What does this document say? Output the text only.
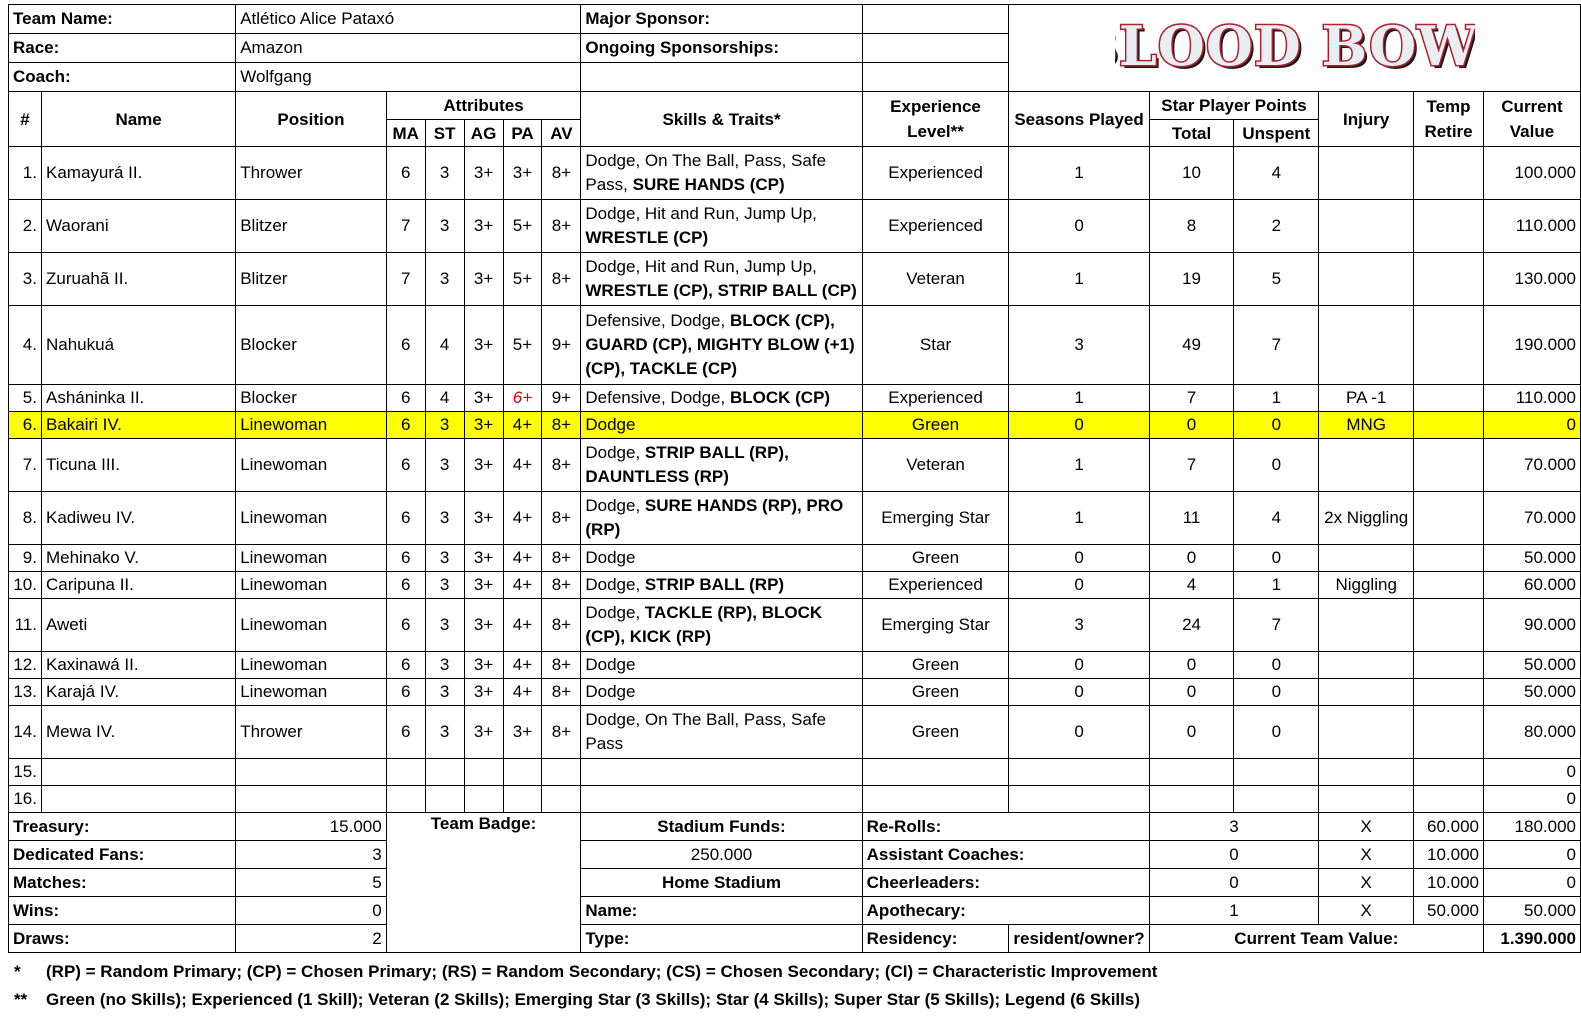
Team Name:		Atlético Alice Pataxó						Major Sponsor:		LOOD BO
LOOD BOW					

Race:		Amazon						Ongoing Sponsorships:							
Coach:		Wolfgang													
#	Name	Position	Attributes					Skills & Traits*	Experience Level**	Seasons Played	Star Player Points		Injury	Temp Retire	Current Value
			MA	ST	AG	PA	AV				Total	Unspent			
1.	Kamayurá II.	Thrower	6	3	3+	3+	8+	Dodge, On The Ball, Pass, Safe Pass, SURE HANDS (CP)	Experienced	1	10	4			100.000
2.	Waorani	Blitzer	7	3	3+	5+	8+	Dodge, Hit and Run, Jump Up, WRESTLE (CP)	Experienced	0	8	2			110.000
3.	Zuruahã II.	Blitzer	7	3	3+	5+	8+	Dodge, Hit and Run, Jump Up, WRESTLE (CP), STRIP BALL (CP)	Veteran	1	19	5			130.000
4.	Nahukuá	Blocker	6	4	3+	5+	9+	Defensive, Dodge, BLOCK (CP), GUARD (CP), MIGHTY BLOW (+1) (CP), TACKLE (CP)	Star	3	49	7			190.000
5.	Asháninka II.	Blocker	6	4	3+	6+	9+	Defensive, Dodge, BLOCK (CP)	Experienced	1	7	1	PA -1		110.000
6.	Bakairi IV.	Linewoman	6	3	3+	4+	8+	Dodge	Green	0	0	0	MNG		0
7.	Ticuna III.	Linewoman	6	3	3+	4+	8+	Dodge, STRIP BALL (RP), DAUNTLESS (RP)	Veteran	1	7	0			70.000
8.	Kadiweu IV.	Linewoman	6	3	3+	4+	8+	Dodge, SURE HANDS (RP), PRO (RP)	Emerging Star	1	11	4	2x Niggling		70.000
9.	Mehinako V.	Linewoman	6	3	3+	4+	8+	Dodge	Green	0	0	0			50.000
10.	Caripuna II.	Linewoman	6	3	3+	4+	8+	Dodge, STRIP BALL (RP)	Experienced	0	4	1	Niggling		60.000
11.	Aweti	Linewoman	6	3	3+	4+	8+	Dodge, TACKLE (RP), BLOCK (CP), KICK (RP)	Emerging Star	3	24	7			90.000
12.	Kaxinawá II.	Linewoman	6	3	3+	4+	8+	Dodge	Green	0	0	0			50.000
13.	Karajá IV.	Linewoman	6	3	3+	4+	8+	Dodge	Green	0	0	0			50.000
14.	Mewa IV.	Thrower	6	3	3+	3+	8+	Dodge, On The Ball, Pass, Safe Pass	Green	0	0	0			80.000
15.															0
16.															0
Treasury:		15.000	Team Badge:					Stadium Funds:	Re-Rolls:		3		X	60.000	180.000
Dedicated Fans:		3						250.000	Assistant Coaches:		0		X	10.000	0
Matches:		5						Home Stadium	Cheerleaders:		0		X	10.000	0
Wins:		0						Name:	Apothecary:		1		X	50.000	50.000
Draws:		2						Type:	Residency:	resident/owner?	Current Team Value:				1.390.000
* (RP) = Random Primary; (CP) = Chosen Primary; (RS) = Random Secondary; (CS) = Chosen Secondary; (CI) = Characteristic Improvement
** Green (no Skills); Experienced (1 Skill); Veteran (2 Skills); Emerging Star (3 Skills); Star (4 Skills); Super Star (5 Skills); Legend (6 Skills)
